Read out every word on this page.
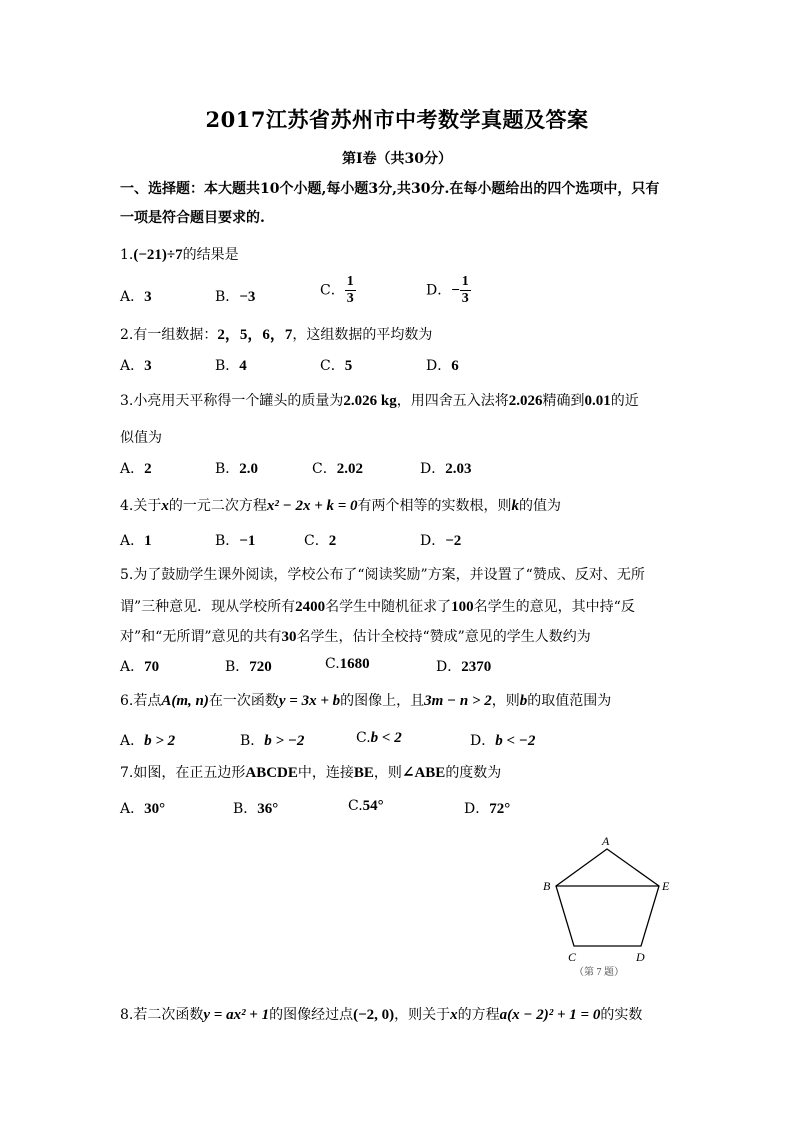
2017江苏省苏州市中考数学真题及答案
第Ⅰ卷（共30分）
一、选择题：本大题共10个小题,每小题3分,共30分.在每小题给出的四个选项中，只有
一项是符合题目要求的.
1.(−21)÷7的结果是
A．3	B．−3	C． $\frac{1}{3}$	D．− $\frac{1}{3}$
2.有一组数据：2，5，6，7，这组数据的平均数为
A．3	B．4	C．5	D．6
3.小亮用天平称得一个罐头的质量为2.026 kg，用四舍五入法将2.026精确到0.01的近
似值为
A．2	B．2.0	C．2.02	D．2.03
4.关于x的一元二次方程x² − 2x + k = 0有两个相等的实数根，则k的值为
A．1	B．−1	C．2	D．−2
5.为了鼓励学生课外阅读，学校公布了“阅读奖励”方案，并设置了“赞成、反对、无所
谓”三种意见．现从学校所有2400名学生中随机征求了100名学生的意见，其中持“反
对”和“无所谓”意见的共有30名学生，估计全校持“赞成”意见的学生人数约为
A．70	B．720	C.1680	D．2370
6.若点A(m, n)在一次函数y = 3x + b的图像上，且3m − n > 2，则b的取值范围为
A．b > 2	B．b > −2	C.b < 2	D．b < −2
7.如图，在正五边形ABCDE中，连接BE，则∠ABE的度数为
A．30°	B．36°	C.54°	D．72°
A
B
C	D
E
（第 7 题）
8.若二次函数y = ax² + 1的图像经过点(−2, 0)，则关于x的方程a(x − 2)² + 1 = 0的实数
